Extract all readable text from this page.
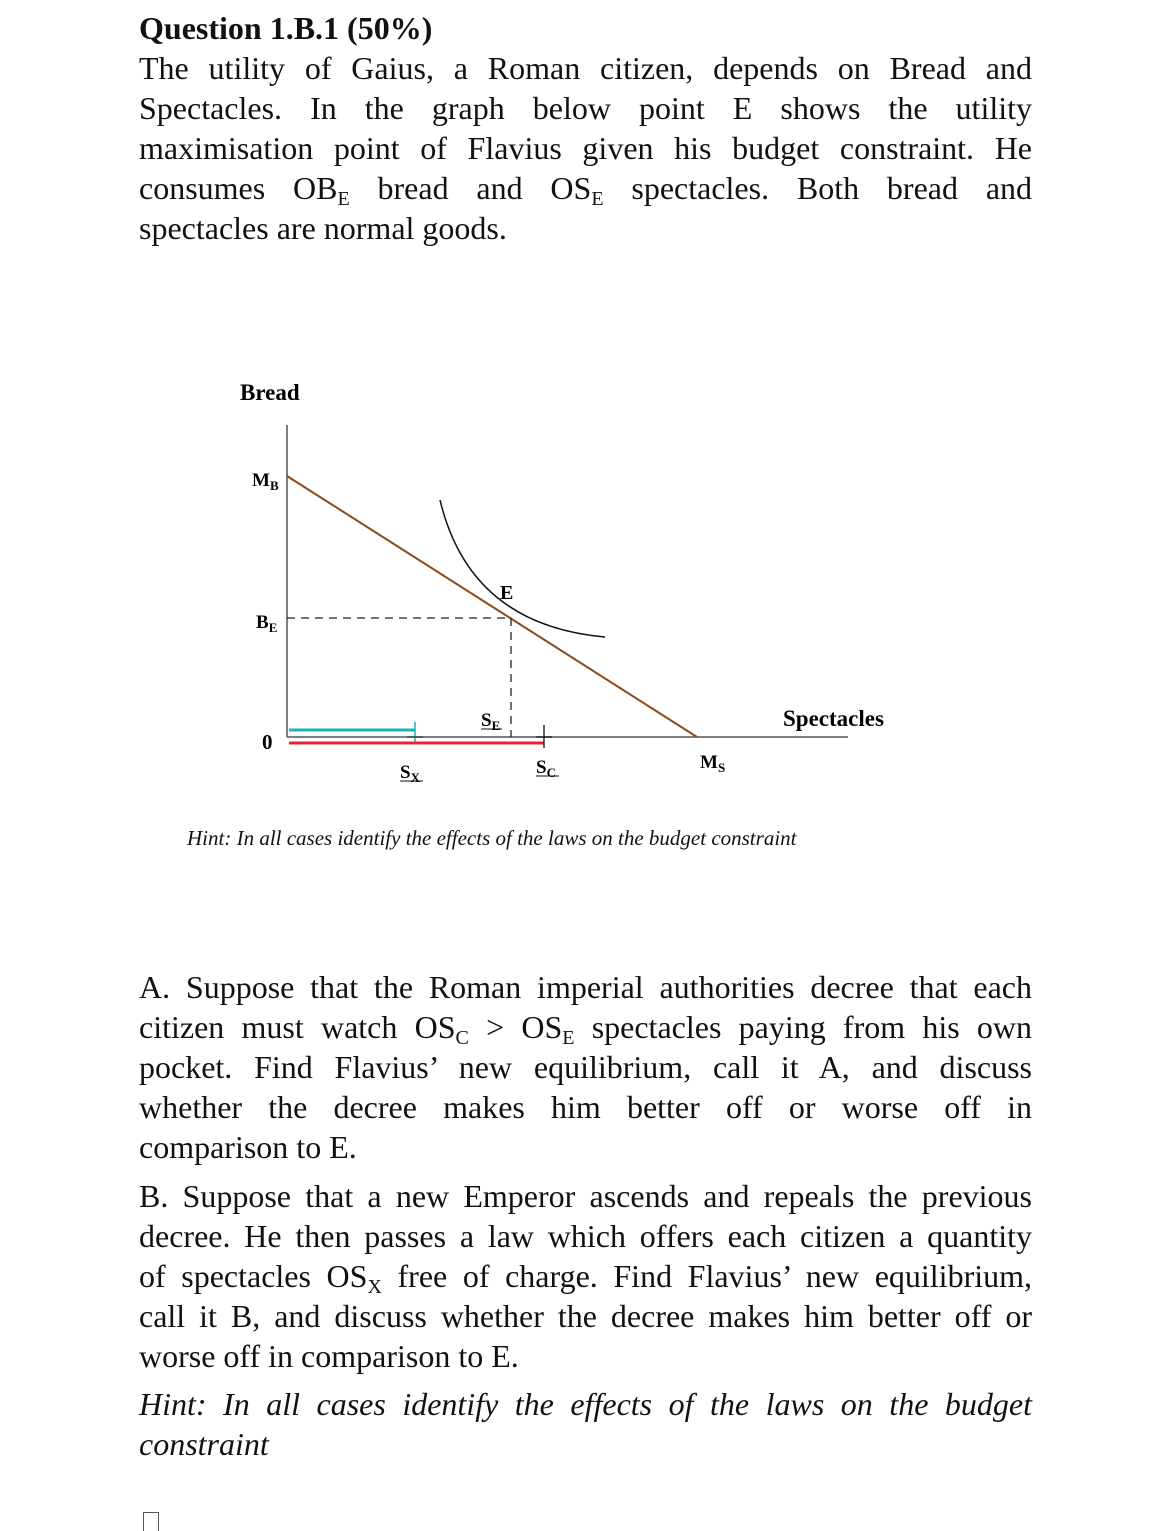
Question 1.B.1 (50%)
The utility of Gaius, a Roman citizen, depends on Bread and
Spectacles. In the graph below point E shows the utility
maximisation point of Flavius given his budget constraint. He
consumes $OB_E$ bread and $OS_E$ spectacles. Both bread and
spectacles are normal goods.
Bread
Spectacles
0
$M_B$
$B_E$
E
$S_E$
$S_X$	$S_C$	$M_S$
Hint: In all cases identify the effects of the laws on the budget constraint
A. Suppose that the Roman imperial authorities decree that each
citizen must watch $OS_C > OS_E$ spectacles paying from his own
pocket. Find Flavius’ new equilibrium, call it A, and discuss
whether the decree makes him better off or worse off in
comparison to E.
B. Suppose that a new Emperor ascends and repeals the previous
decree. He then passes a law which offers each citizen a quantity
of spectacles $OS_X$ free of charge. Find Flavius’ new equilibrium,
call it B, and discuss whether the decree makes him better off or
worse off in comparison to E.
Hint: In all cases identify the effects of the laws on the budget
constraint
